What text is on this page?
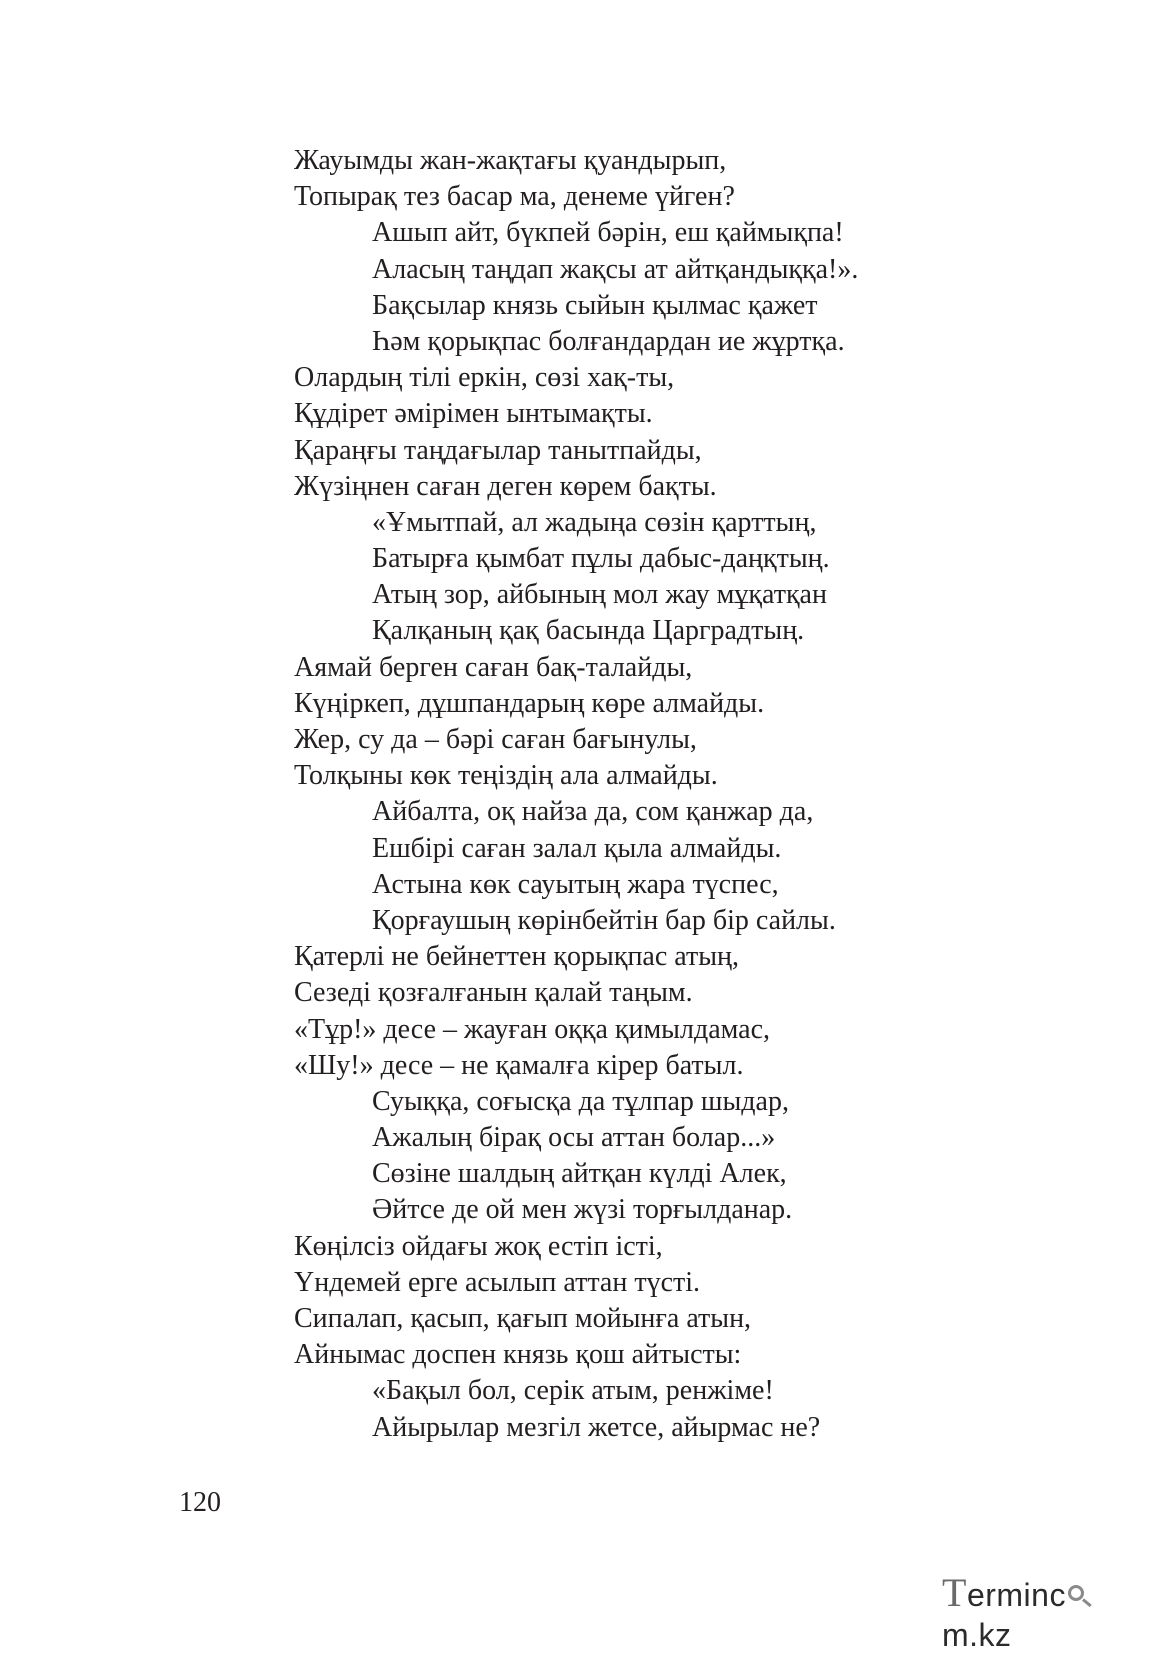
Жауымды жан-жақтағы қуандырып,
Топырақ тез басар ма, денеме үйген?
Ашып айт, бүкпей бәрін, еш қаймықпа!
Аласың таңдап жақсы ат айтқандыққа!».
Бақсылар князь сыйын қылмас қажет
Һәм қорықпас болғандардан ие жұртқа.
Олардың тілі еркін, сөзі хақ-ты,
Құдірет әмірімен ынтымақты.
Қараңғы таңдағылар танытпайды,
Жүзіңнен саған деген көрем бақты.
«Ұмытпай, ал жадыңа сөзін қарттың,
Батырға қымбат пұлы дабыс-даңқтың.
Атың зор, айбының мол жау мұқатқан
Қалқаның қақ басында Царградтың.
Аямай берген саған бақ-талайды,
Күңіркеп, дұшпандарың көре алмайды.
Жер, су да – бәрі саған бағынулы,
Толқыны көк теңіздің ала алмайды.
Айбалта, оқ найза да, сом қанжар да,
Ешбірі саған залал қыла алмайды.
Астына көк сауытың жара түспес,
Қорғаушың көрінбейтін бар бір сайлы.
Қатерлі не бейнеттен қорықпас атың,
Сезеді қозғалғанын қалай таңым.
«Тұр!» десе – жауған оққа қимылдамас,
«Шу!» десе – не қамалға кірер батыл.
Суыққа, соғысқа да тұлпар шыдар,
Ажалың бірақ осы аттан болар...»
Сөзіне шалдың айтқан күлді Алек,
Әйтсе де ой мен жүзі торғылданар.
Көңілсіз ойдағы жоқ естіп істі,
Үндемей ерге асылып аттан түсті.
Сипалап, қасып, қағып мойынға атын,
Айнымас доспен князь қош айтысты:
«Бақыл бол, серік атым, ренжіме!
Айырылар мезгіл жетсе, айырмас не?
120
Termincm.kz
